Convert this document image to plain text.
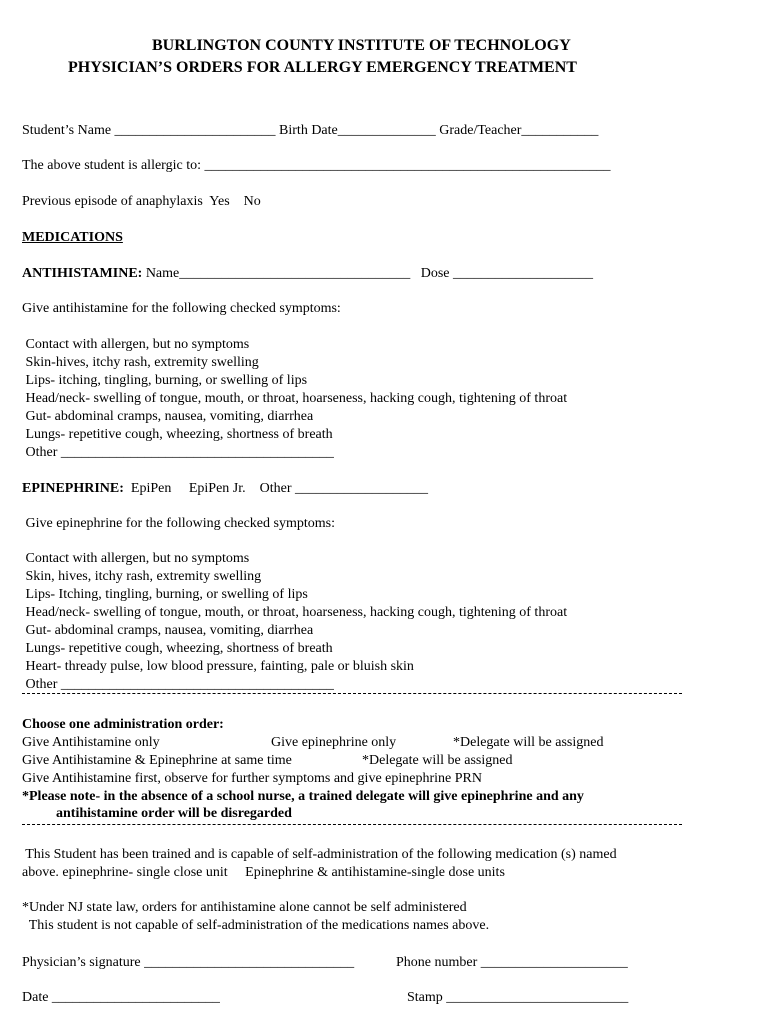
BURLINGTON COUNTY INSTITUTE OF TECHNOLOGY
PHYSICIAN’S ORDERS FOR ALLERGY EMERGENCY TREATMENT
Student’s Name _______________________ Birth Date______________ Grade/Teacher___________
The above student is allergic to: __________________________________________________________
Previous episode of anaphylaxis  Yes    No
MEDICATIONS
ANTIHISTAMINE: Name_________________________________   Dose ____________________
Give antihistamine for the following checked symptoms:
Contact with allergen, but no symptoms
Skin-hives, itchy rash, extremity swelling
Lips- itching, tingling, burning, or swelling of lips
Head/neck- swelling of tongue, mouth, or throat, hoarseness, hacking cough, tightening of throat
Gut- abdominal cramps, nausea, vomiting, diarrhea
Lungs- repetitive cough, wheezing, shortness of breath
Other _______________________________________
EPINEPHRINE:  EpiPen     EpiPen Jr.    Other ___________________
Give epinephrine for the following checked symptoms:
Contact with allergen, but no symptoms
Skin, hives, itchy rash, extremity swelling
Lips- Itching, tingling, burning, or swelling of lips
Head/neck- swelling of tongue, mouth, or throat, hoarseness, hacking cough, tightening of throat
Gut- abdominal cramps, nausea, vomiting, diarrhea
Lungs- repetitive cough, wheezing, shortness of breath
Heart- thready pulse, low blood pressure, fainting, pale or bluish skin
Other _______________________________________
Choose one administration order:
Give Antihistamine only	Give epinephrine only	*Delegate will be assigned
Give Antihistamine & Epinephrine at same time	*Delegate will be assigned
Give Antihistamine first, observe for further symptoms and give epinephrine PRN
*Please note- in the absence of a school nurse, a trained delegate will give epinephrine and any
antihistamine order will be disregarded
This Student has been trained and is capable of self-administration of the following medication (s) named
above. epinephrine- single close unit     Epinephrine & antihistamine-single dose units
*Under NJ state law, orders for antihistamine alone cannot be self administered
This student is not capable of self-administration of the medications names above.
Physician’s signature ______________________________	Phone number _____________________
Date ________________________	Stamp __________________________
